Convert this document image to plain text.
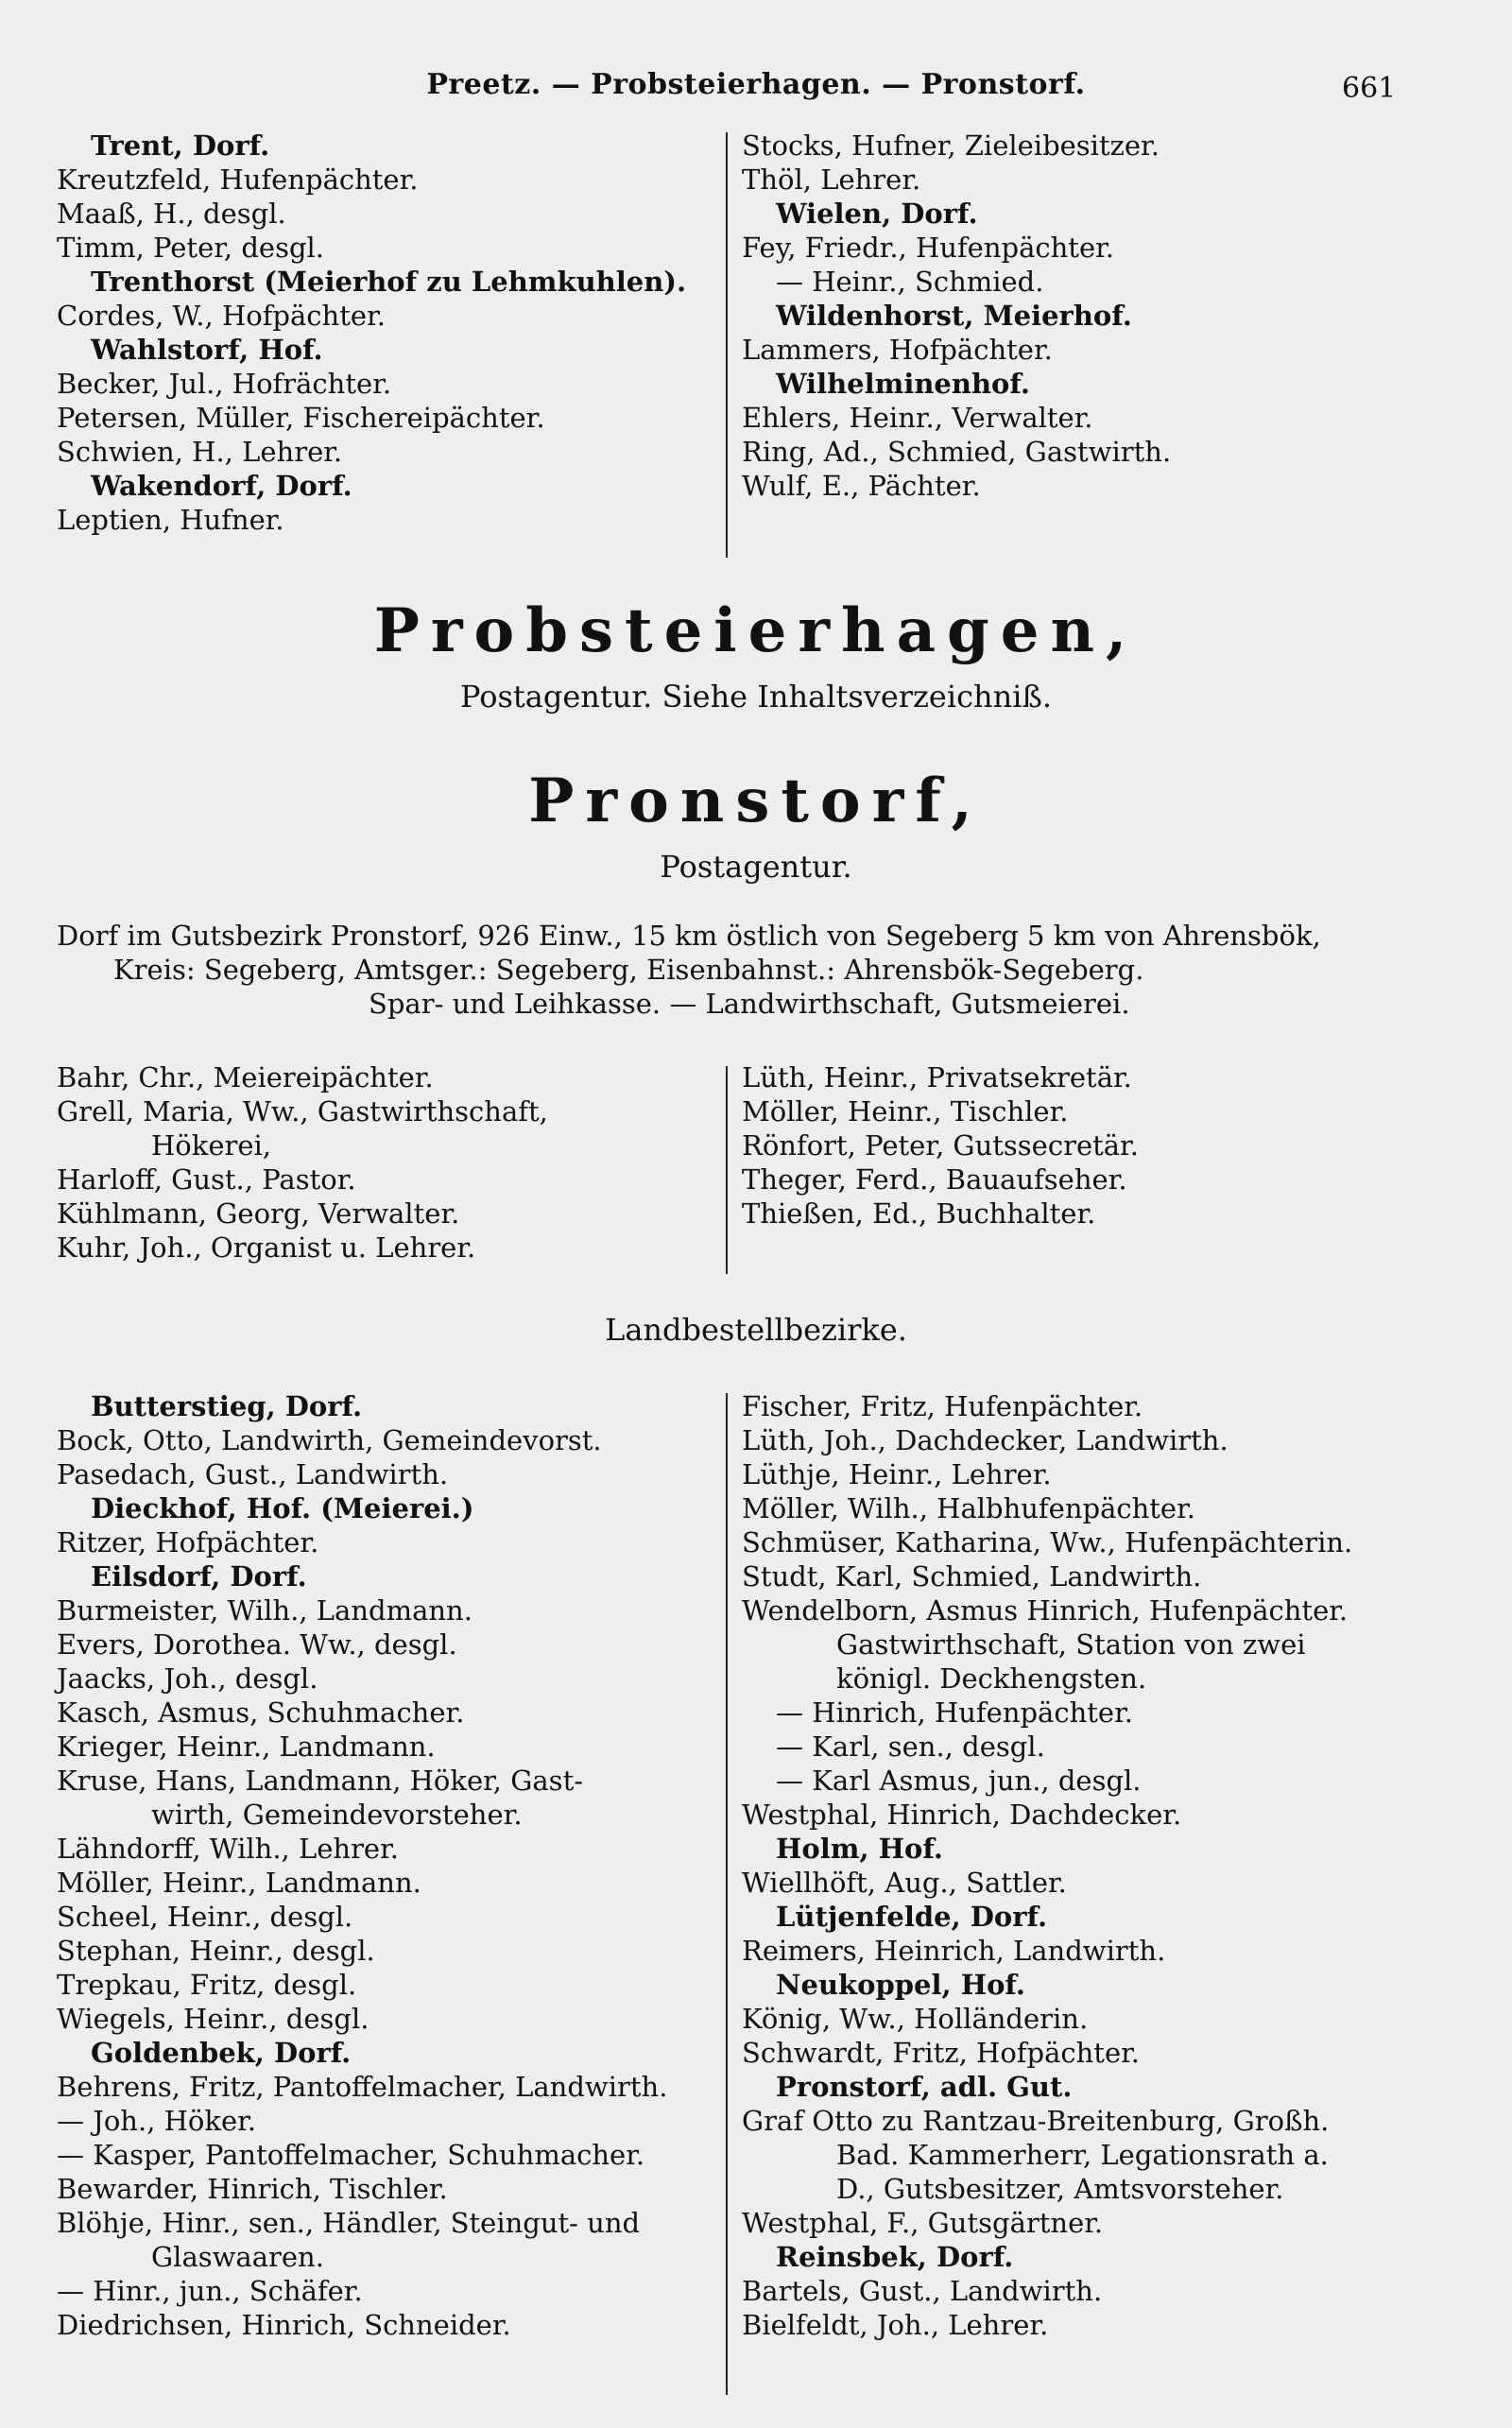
Preetz. — Probsteierhagen. — Pronstorf.	661
Trent, Dorf.
Kreutzfeld, Hufenpächter.
Maaß, H., desgl.
Timm, Peter, desgl.
Trenthorst (Meierhof zu Lehmkuhlen).
Cordes, W., Hofpächter.
Wahlstorf, Hof.
Becker, Jul., Hofrächter.
Petersen, Müller, Fischereipächter.
Schwien, H., Lehrer.
Wakendorf, Dorf.
Leptien, Hufner.
Stocks, Hufner, Zieleibesitzer.
Thöl, Lehrer.
Wielen, Dorf.
Fey, Friedr., Hufenpächter.
— Heinr., Schmied.
Wildenhorst, Meierhof.
Lammers, Hofpächter.
Wilhelminenhof.
Ehlers, Heinr., Verwalter.
Ring, Ad., Schmied, Gastwirth.
Wulf, E., Pächter.
Probsteierhagen,
Postagentur. Siehe Inhaltsverzeichniß.
Pronstorf,
Postagentur.
Dorf im Gutsbezirk Pronstorf, 926 Einw., 15 km östlich von Segeberg 5 km von Ahrensbök,
Kreis: Segeberg, Amtsger.: Segeberg, Eisenbahnst.: Ahrensbök-Segeberg.
Spar- und Leihkasse. — Landwirthschaft, Gutsmeierei.
Bahr, Chr., Meiereipächter.
Grell, Maria, Ww., Gastwirthschaft,
Hökerei,
Harloff, Gust., Pastor.
Kühlmann, Georg, Verwalter.
Kuhr, Joh., Organist u. Lehrer.
Lüth, Heinr., Privatsekretär.
Möller, Heinr., Tischler.
Rönfort, Peter, Gutssecretär.
Theger, Ferd., Bauaufseher.
Thießen, Ed., Buchhalter.
Landbestellbezirke.
Butterstieg, Dorf.
Bock, Otto, Landwirth, Gemeindevorst.
Pasedach, Gust., Landwirth.
Dieckhof, Hof. (Meierei.)
Ritzer, Hofpächter.
Eilsdorf, Dorf.
Burmeister, Wilh., Landmann.
Evers, Dorothea. Ww., desgl.
Jaacks, Joh., desgl.
Kasch, Asmus, Schuhmacher.
Krieger, Heinr., Landmann.
Kruse, Hans, Landmann, Höker, Gast-
wirth, Gemeindevorsteher.
Lähndorff, Wilh., Lehrer.
Möller, Heinr., Landmann.
Scheel, Heinr., desgl.
Stephan, Heinr., desgl.
Trepkau, Fritz, desgl.
Wiegels, Heinr., desgl.
Goldenbek, Dorf.
Behrens, Fritz, Pantoffelmacher, Landwirth.
— Joh., Höker.
— Kasper, Pantoffelmacher, Schuhmacher.
Bewarder, Hinrich, Tischler.
Blöhje, Hinr., sen., Händler, Steingut- und
Glaswaaren.
— Hinr., jun., Schäfer.
Diedrichsen, Hinrich, Schneider.
Fischer, Fritz, Hufenpächter.
Lüth, Joh., Dachdecker, Landwirth.
Lüthje, Heinr., Lehrer.
Möller, Wilh., Halbhufenpächter.
Schmüser, Katharina, Ww., Hufenpächterin.
Studt, Karl, Schmied, Landwirth.
Wendelborn, Asmus Hinrich, Hufenpächter.
Gastwirthschaft, Station von zwei
königl. Deckhengsten.
— Hinrich, Hufenpächter.
— Karl, sen., desgl.
— Karl Asmus, jun., desgl.
Westphal, Hinrich, Dachdecker.
Holm, Hof.
Wiellhöft, Aug., Sattler.
Lütjenfelde, Dorf.
Reimers, Heinrich, Landwirth.
Neukoppel, Hof.
König, Ww., Holländerin.
Schwardt, Fritz, Hofpächter.
Pronstorf, adl. Gut.
Graf Otto zu Rantzau-Breitenburg, Großh.
Bad. Kammerherr, Legationsrath a.
D., Gutsbesitzer, Amtsvorsteher.
Westphal, F., Gutsgärtner.
Reinsbek, Dorf.
Bartels, Gust., Landwirth.
Bielfeldt, Joh., Lehrer.
